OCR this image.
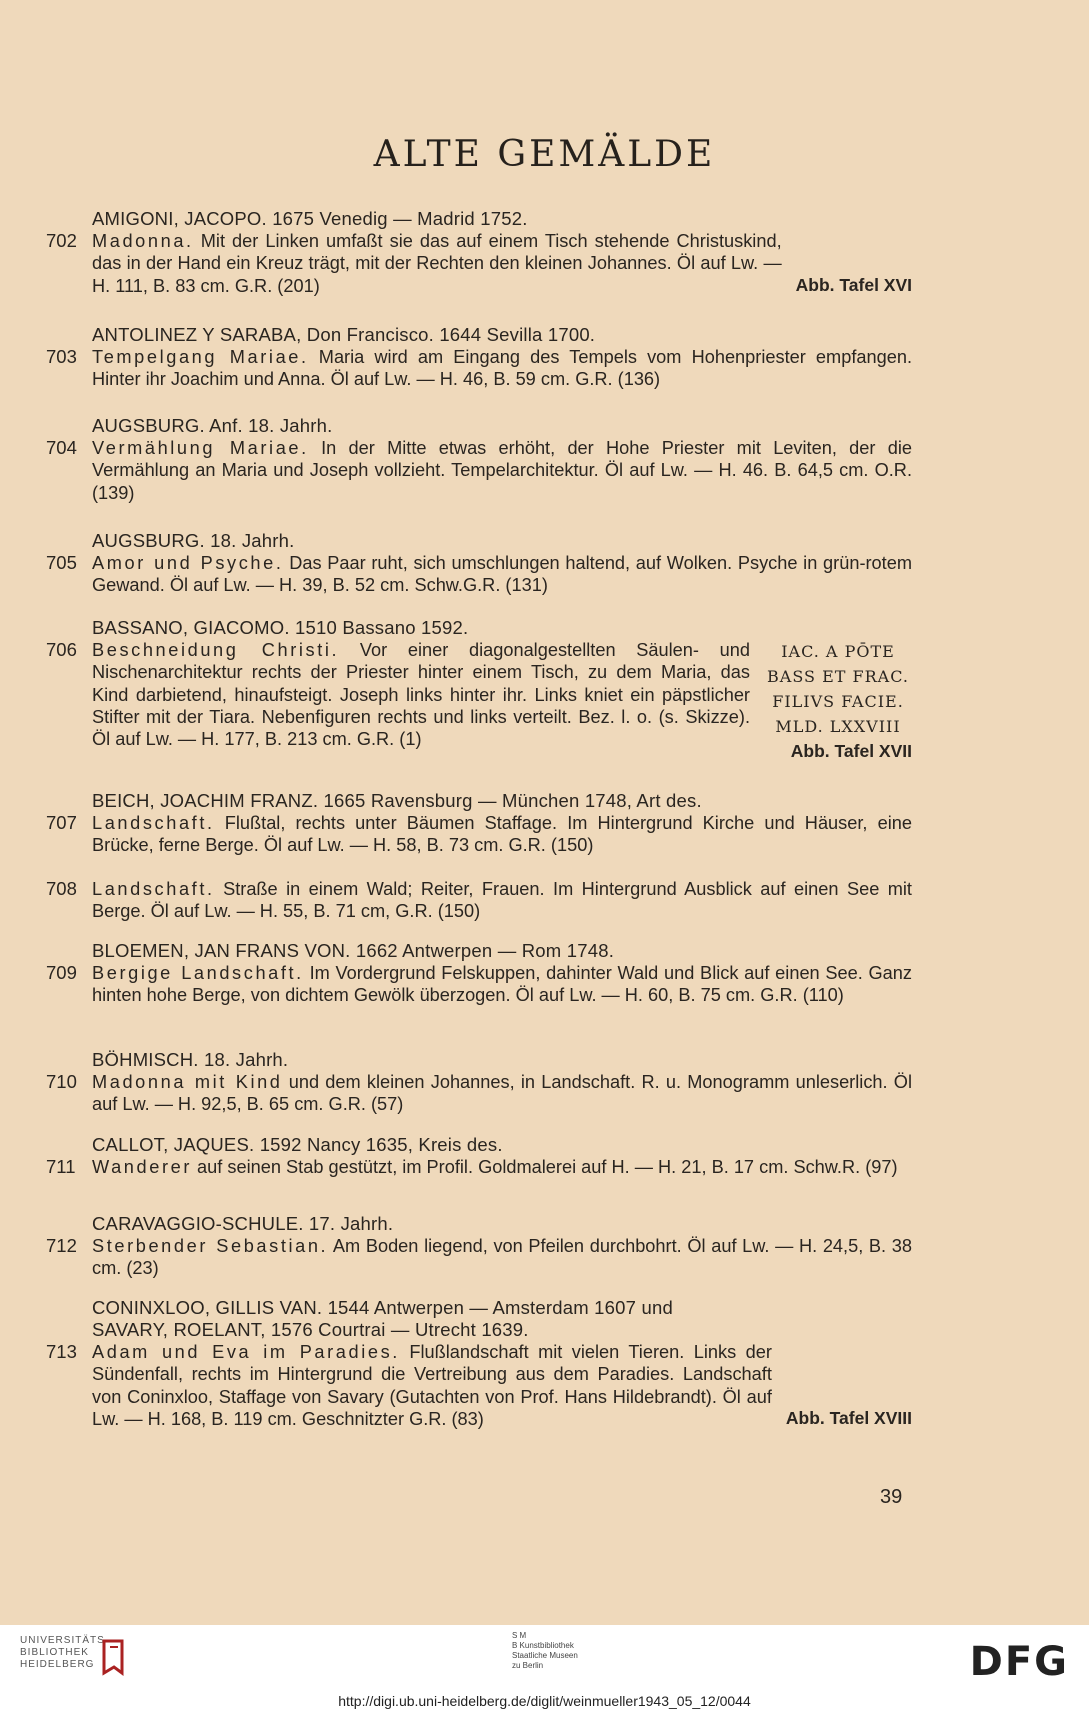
ALTE GEMÄLDE
AMIGONI, JACOPO. 1675 Venedig — Madrid 1752.
702
Abb. Tafel XVI
Madonna. Mit der Linken umfaßt sie das auf einem Tisch stehende Christuskind, das in der Hand ein Kreuz trägt, mit der Rechten den kleinen Johannes. Öl auf Lw. — H. 111, B. 83 cm. G.R. (201)
ANTOLINEZ Y SARABA, Don Francisco. 1644 Sevilla 1700.
703 Tempelgang Mariae. Maria wird am Eingang des Tempels vom Hohenpriester empfangen. Hinter ihr Joachim und Anna. Öl auf Lw. — H. 46, B. 59 cm. G.R. (136)
AUGSBURG. Anf. 18. Jahrh.
704 Vermählung Mariae. In der Mitte etwas erhöht, der Hohe Priester mit Leviten, der die Vermählung an Maria und Joseph vollzieht. Tempelarchitektur. Öl auf Lw. — H. 46. B. 64,5 cm. O.R. (139)
AUGSBURG. 18. Jahrh.
705 Amor und Psyche. Das Paar ruht, sich umschlungen haltend, auf Wolken. Psyche in grün-rotem Gewand. Öl auf Lw. — H. 39, B. 52 cm. Schw.G.R. (131)
BASSANO, GIACOMO. 1510 Bassano 1592.
706 Beschneidung Christi. Vor einer diagonalgestellten Säulen- und Nischenarchitektur rechts der Priester hinter einem Tisch, zu dem Maria, das Kind darbietend, hinaufsteigt. Joseph links hinter ihr. Links kniet ein päpstlicher Stifter mit der Tiara. Nebenfiguren rechts und links verteilt. Bez. l. o. (s. Skizze). Öl auf Lw. — H. 177, B. 213 cm. G.R. (1)
IAC. A PŌTE
BASS ET FRAC.
FILIVS FACIE.
MLD. LXXVIII
Abb. Tafel XVII
BEICH, JOACHIM FRANZ. 1665 Ravensburg — München 1748, Art des.
707 Landschaft. Flußtal, rechts unter Bäumen Staffage. Im Hintergrund Kirche und Häuser, eine Brücke, ferne Berge. Öl auf Lw. — H. 58, B. 73 cm. G.R. (150)
708 Landschaft. Straße in einem Wald; Reiter, Frauen. Im Hintergrund Ausblick auf einen See mit Berge. Öl auf Lw. — H. 55, B. 71 cm, G.R. (150)
BLOEMEN, JAN FRANS VON. 1662 Antwerpen — Rom 1748.
709 Bergige Landschaft. Im Vordergrund Felskuppen, dahinter Wald und Blick auf einen See. Ganz hinten hohe Berge, von dichtem Gewölk überzogen. Öl auf Lw. — H. 60, B. 75 cm. G.R. (110)
BÖHMISCH. 18. Jahrh.
710 Madonna mit Kind und dem kleinen Johannes, in Landschaft. R. u. Monogramm unleserlich. Öl auf Lw. — H. 92,5, B. 65 cm. G.R. (57)
CALLOT, JAQUES. 1592 Nancy 1635, Kreis des.
711 Wanderer auf seinen Stab gestützt, im Profil. Goldmalerei auf H. — H. 21, B. 17 cm. Schw.R. (97)
CARAVAGGIO-SCHULE. 17. Jahrh.
712 Sterbender Sebastian. Am Boden liegend, von Pfeilen durchbohrt. Öl auf Lw. — H. 24,5, B. 38 cm. (23)
CONINXLOO, GILLIS VAN. 1544 Antwerpen — Amsterdam 1607 und
SAVARY, ROELANT, 1576 Courtrai — Utrecht 1639.
713
Abb. Tafel XVIII
Adam und Eva im Paradies. Flußlandschaft mit vielen Tieren. Links der Sündenfall, rechts im Hintergrund die Vertreibung aus dem Paradies. Landschaft von Coninxloo, Staffage von Savary (Gutachten von Prof. Hans Hildebrandt). Öl auf Lw. — H. 168, B. 119 cm. Geschnitzter G.R. (83)
39
UNIVERSITÄTS-
BIBLIOTHEK
HEIDELBERG
S M
B Kunstbibliothek
Staatliche Museen
zu Berlin	DFG
http://digi.ub.uni-heidelberg.de/diglit/weinmueller1943_05_12/0044
